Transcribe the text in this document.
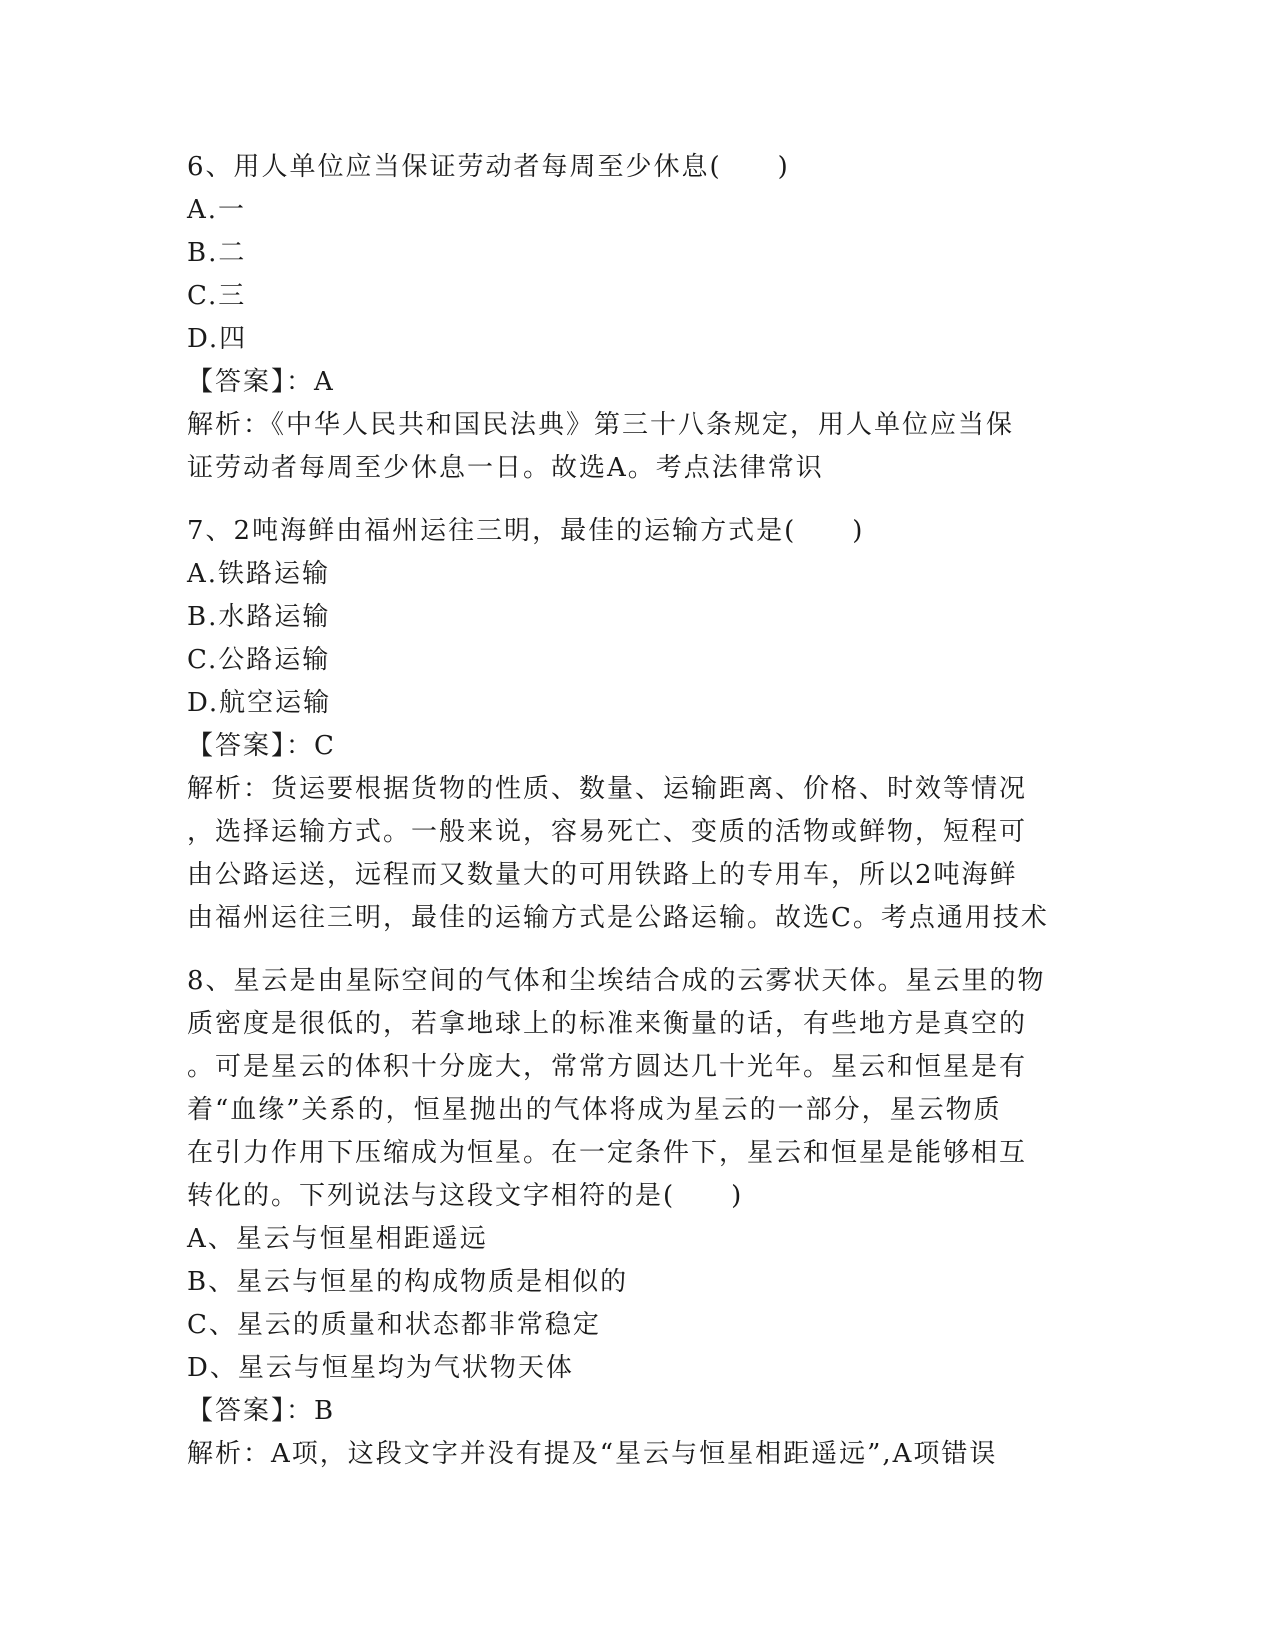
6、用人单位应当保证劳动者每周至少休息(　　)
A.一
B.二
C.三
D.四
【答案】：A
解析：《中华人民共和国民法典》第三十八条规定，用人单位应当保
证劳动者每周至少休息一日。故选A。考点法律常识
7、2吨海鲜由福州运往三明，最佳的运输方式是(　　)
A.铁路运输
B.水路运输
C.公路运输
D.航空运输
【答案】：C
解析：货运要根据货物的性质、数量、运输距离、价格、时效等情况
，选择运输方式。一般来说，容易死亡、变质的活物或鲜物，短程可
由公路运送，远程而又数量大的可用铁路上的专用车，所以2吨海鲜
由福州运往三明，最佳的运输方式是公路运输。故选C。考点通用技术
8、星云是由星际空间的气体和尘埃结合成的云雾状天体。星云里的物
质密度是很低的，若拿地球上的标准来衡量的话，有些地方是真空的
。可是星云的体积十分庞大，常常方圆达几十光年。星云和恒星是有
着“血缘”关系的，恒星抛出的气体将成为星云的一部分，星云物质
在引力作用下压缩成为恒星。在一定条件下，星云和恒星是能够相互
转化的。下列说法与这段文字相符的是(　　)
A、星云与恒星相距遥远
B、星云与恒星的构成物质是相似的
C、星云的质量和状态都非常稳定
D、星云与恒星均为气状物天体
【答案】：B
解析：A项，这段文字并没有提及“星云与恒星相距遥远”,A项错误
